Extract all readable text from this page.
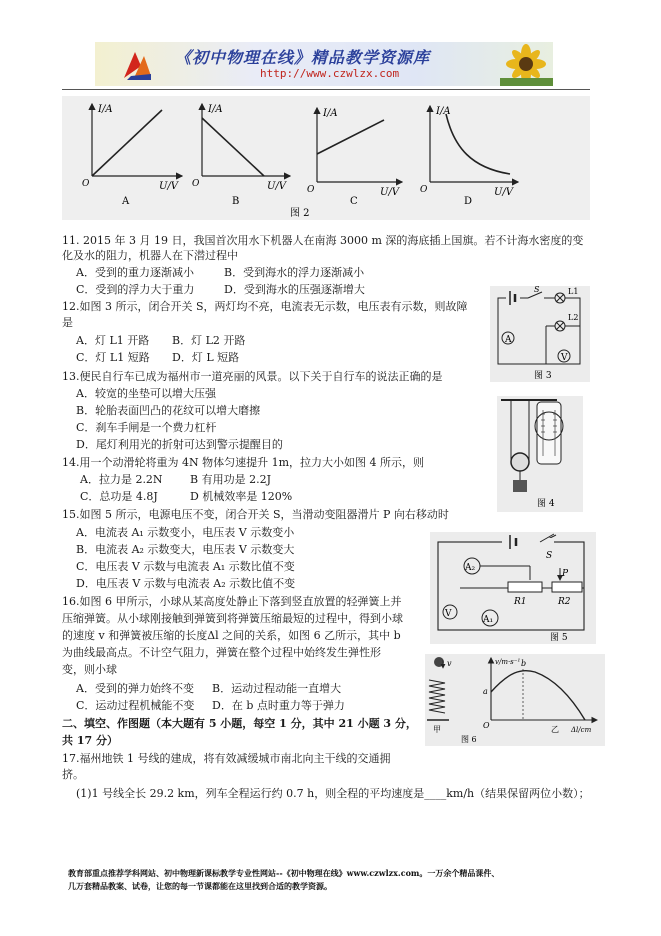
《初中物理在线》精品教学资源库
http://www.czwlzx.com
I/A	I/A	I/A	I/A
U/V	U/V
U/V	U/V
O	O
O	O
A	B	C	D
图 2
11. 2015 年 3 月 19 日，我国首次用水下机器人在南海 3000 m 深的海底插上国旗。若不计海水密度的变
化及水的阻力，机器人在下潜过程中
A．受到的重力逐渐减小	B．受到海水的浮力逐渐减小
C．受到的浮力大于重力	D．受到海水的压强逐渐增大
12.如图 3 所示，闭合开关 S，两灯均不亮，电流表无示数，电压表有示数，则故障
是
A．灯 L1 开路 B．灯 L2 开路
C．灯 L1 短路 D．灯 L 短路
A
V
S	L1
L2
图 3
13.便民自行车已成为福州市一道亮丽的风景。以下关于自行车的说法正确的是
A．较宽的坐垫可以增大压强
B．轮胎表面凹凸的花纹可以增大磨擦
C．刹车手闸是一个费力杠杆
D．尾灯利用光的折射可达到警示提醒目的
图 4
14.用一个动滑轮将重为 4N 物体匀速提升 1m，拉力大小如图 4 所示，则
A．拉力是 2.2N B 有用功是 2.2J
C．总功是 4.8J	D 机械效率是 120%
15.如图 5 所示，电源电压不变，闭合开关 S，当滑动变阻器滑片 P 向右移动时
A．电流表 A₁ 示数变小，电压表 V 示数变小
B．电流表 A₂ 示数变大，电压表 V 示数变大
C．电压表 V 示数与电流表 A₁ 示数比值不变
D．电压表 V 示数与电流表 A₂ 示数比值不变
S
A₂
P
R1	R2
V
A₁
图 5
16.如图 6 甲所示，小球从某高度处静止下落到竖直放置的轻弹簧上并
压缩弹簧。从小球刚接触到弹簧到将弹簧压缩最短的过程中，得到小球
的速度 v 和弹簧被压缩的长度Δl 之间的关系，如图 6 乙所示，其中 b
为曲线最高点。不计空气阻力，弹簧在整个过程中始终发生弹性形
变，则小球
A．受到的弹力始终不变 B．运动过程动能一直增大
C．运动过程机械能不变 D．在 b 点时重力等于弹力
v
甲
a
b
v/m·s⁻¹
Δl/cm
O	乙
图 6
二、填空、作图题（本大题有 5 小题，每空 1 分，其中 21 小题 3 分，
共 17 分）
17.福州地铁 1 号线的建成，将有效减缓城市南北向主干线的交通拥
挤。
(1)1 号线全长 29.2 km，列车全程运行约 0.7 h，则全程的平均速度是____km/h（结果保留两位小数）；
教育部重点推荐学科网站、初中物理新课标教学专业性网站--《初中物理在线》www.czwlzx.com。一万余个精品课件、
几万套精品教案、试卷，让您的每一节课都能在这里找到合适的教学资源。
